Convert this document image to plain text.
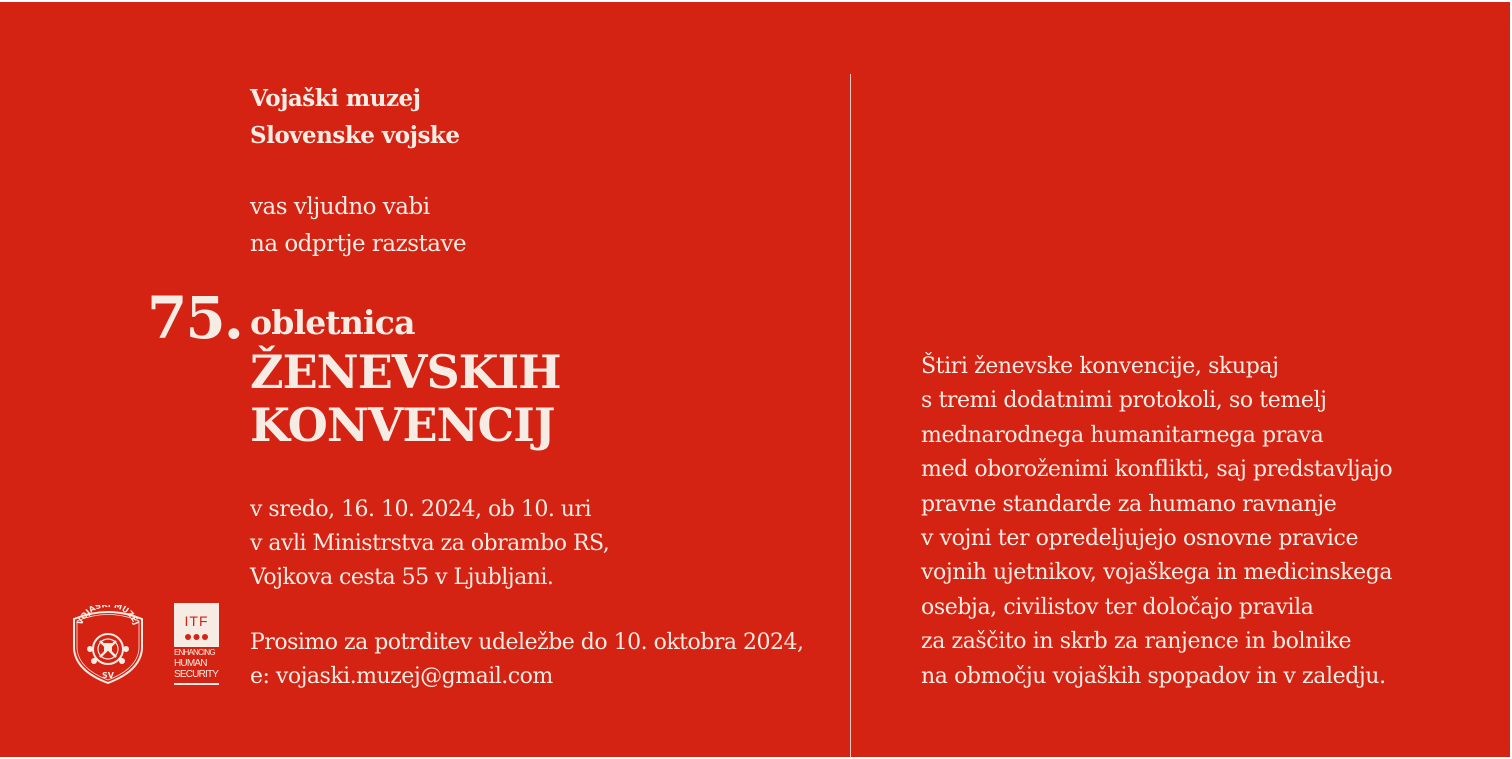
Vojaški muzej
Slovenske vojske
vas vljudno vabi
na odprtje razstave
75. obletnica
ŽENEVSKIH
KONVENCIJ
v sredo, 16. 10. 2024, ob 10. uri
v avli Ministrstva za obrambo RS,
Vojkova cesta 55 v Ljubljani.
Prosimo za potrditev udeležbe do 10. oktobra 2024,
e: vojaski.muzej@gmail.com
VOJAŠ MUZEJ
SV
ITF
ENHANCING
HUMAN
SECURITY
Štiri ženevske konvencije, skupaj
s tremi dodatnimi protokoli, so temelj
mednarodnega humanitarnega prava
med oboroženimi konflikti, saj predstavljajo
pravne standarde za humano ravnanje
v vojni ter opredeljujejo osnovne pravice
vojnih ujetnikov, vojaškega in medicinskega
osebja, civilistov ter določajo pravila
za zaščito in skrb za ranjence in bolnike
na območju vojaških spopadov in v zaledju.
